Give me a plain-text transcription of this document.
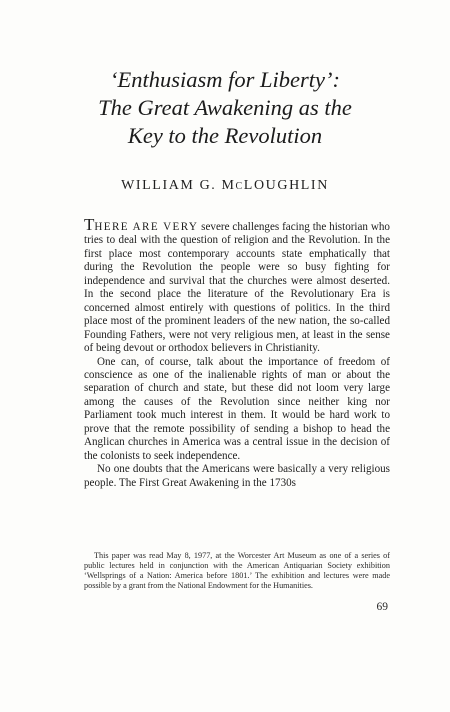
‘Enthusiasm for Liberty’:
The Great Awakening as the
Key to the Revolution
WILLIAM G. McLOUGHLIN

THERE ARE VERY severe challenges facing the historian who tries to deal with the question of religion and the Revolution. In the first place most contemporary accounts state emphatically that during the Revolution the people were so busy fighting for independence and survival that the churches were almost deserted. In the second place the literature of the Revolutionary Era is concerned almost entirely with questions of politics. In the third place most of the prominent leaders of the new nation, the so-called Founding Fathers, were not very religious men, at least in the sense of being devout or orthodox believers in Christianity.

One can, of course, talk about the importance of freedom of conscience as one of the inalienable rights of man or about the separation of church and state, but these did not loom very large among the causes of the Revolution since neither king nor Parliament took much interest in them. It would be hard work to prove that the remote possibility of sending a bishop to head the Anglican churches in America was a central issue in the decision of the colonists to seek independence.

No one doubts that the Americans were basically a very religious people. The First Great Awakening in the 1730s

This paper was read May 8, 1977, at the Worcester Art Museum as one of a series of public lectures held in conjunction with the American Antiquarian Society exhibition ‘Wellsprings of a Nation: America before 1801.’ The exhibition and lectures were made possible by a grant from the National Endowment for the Humanities.

69
